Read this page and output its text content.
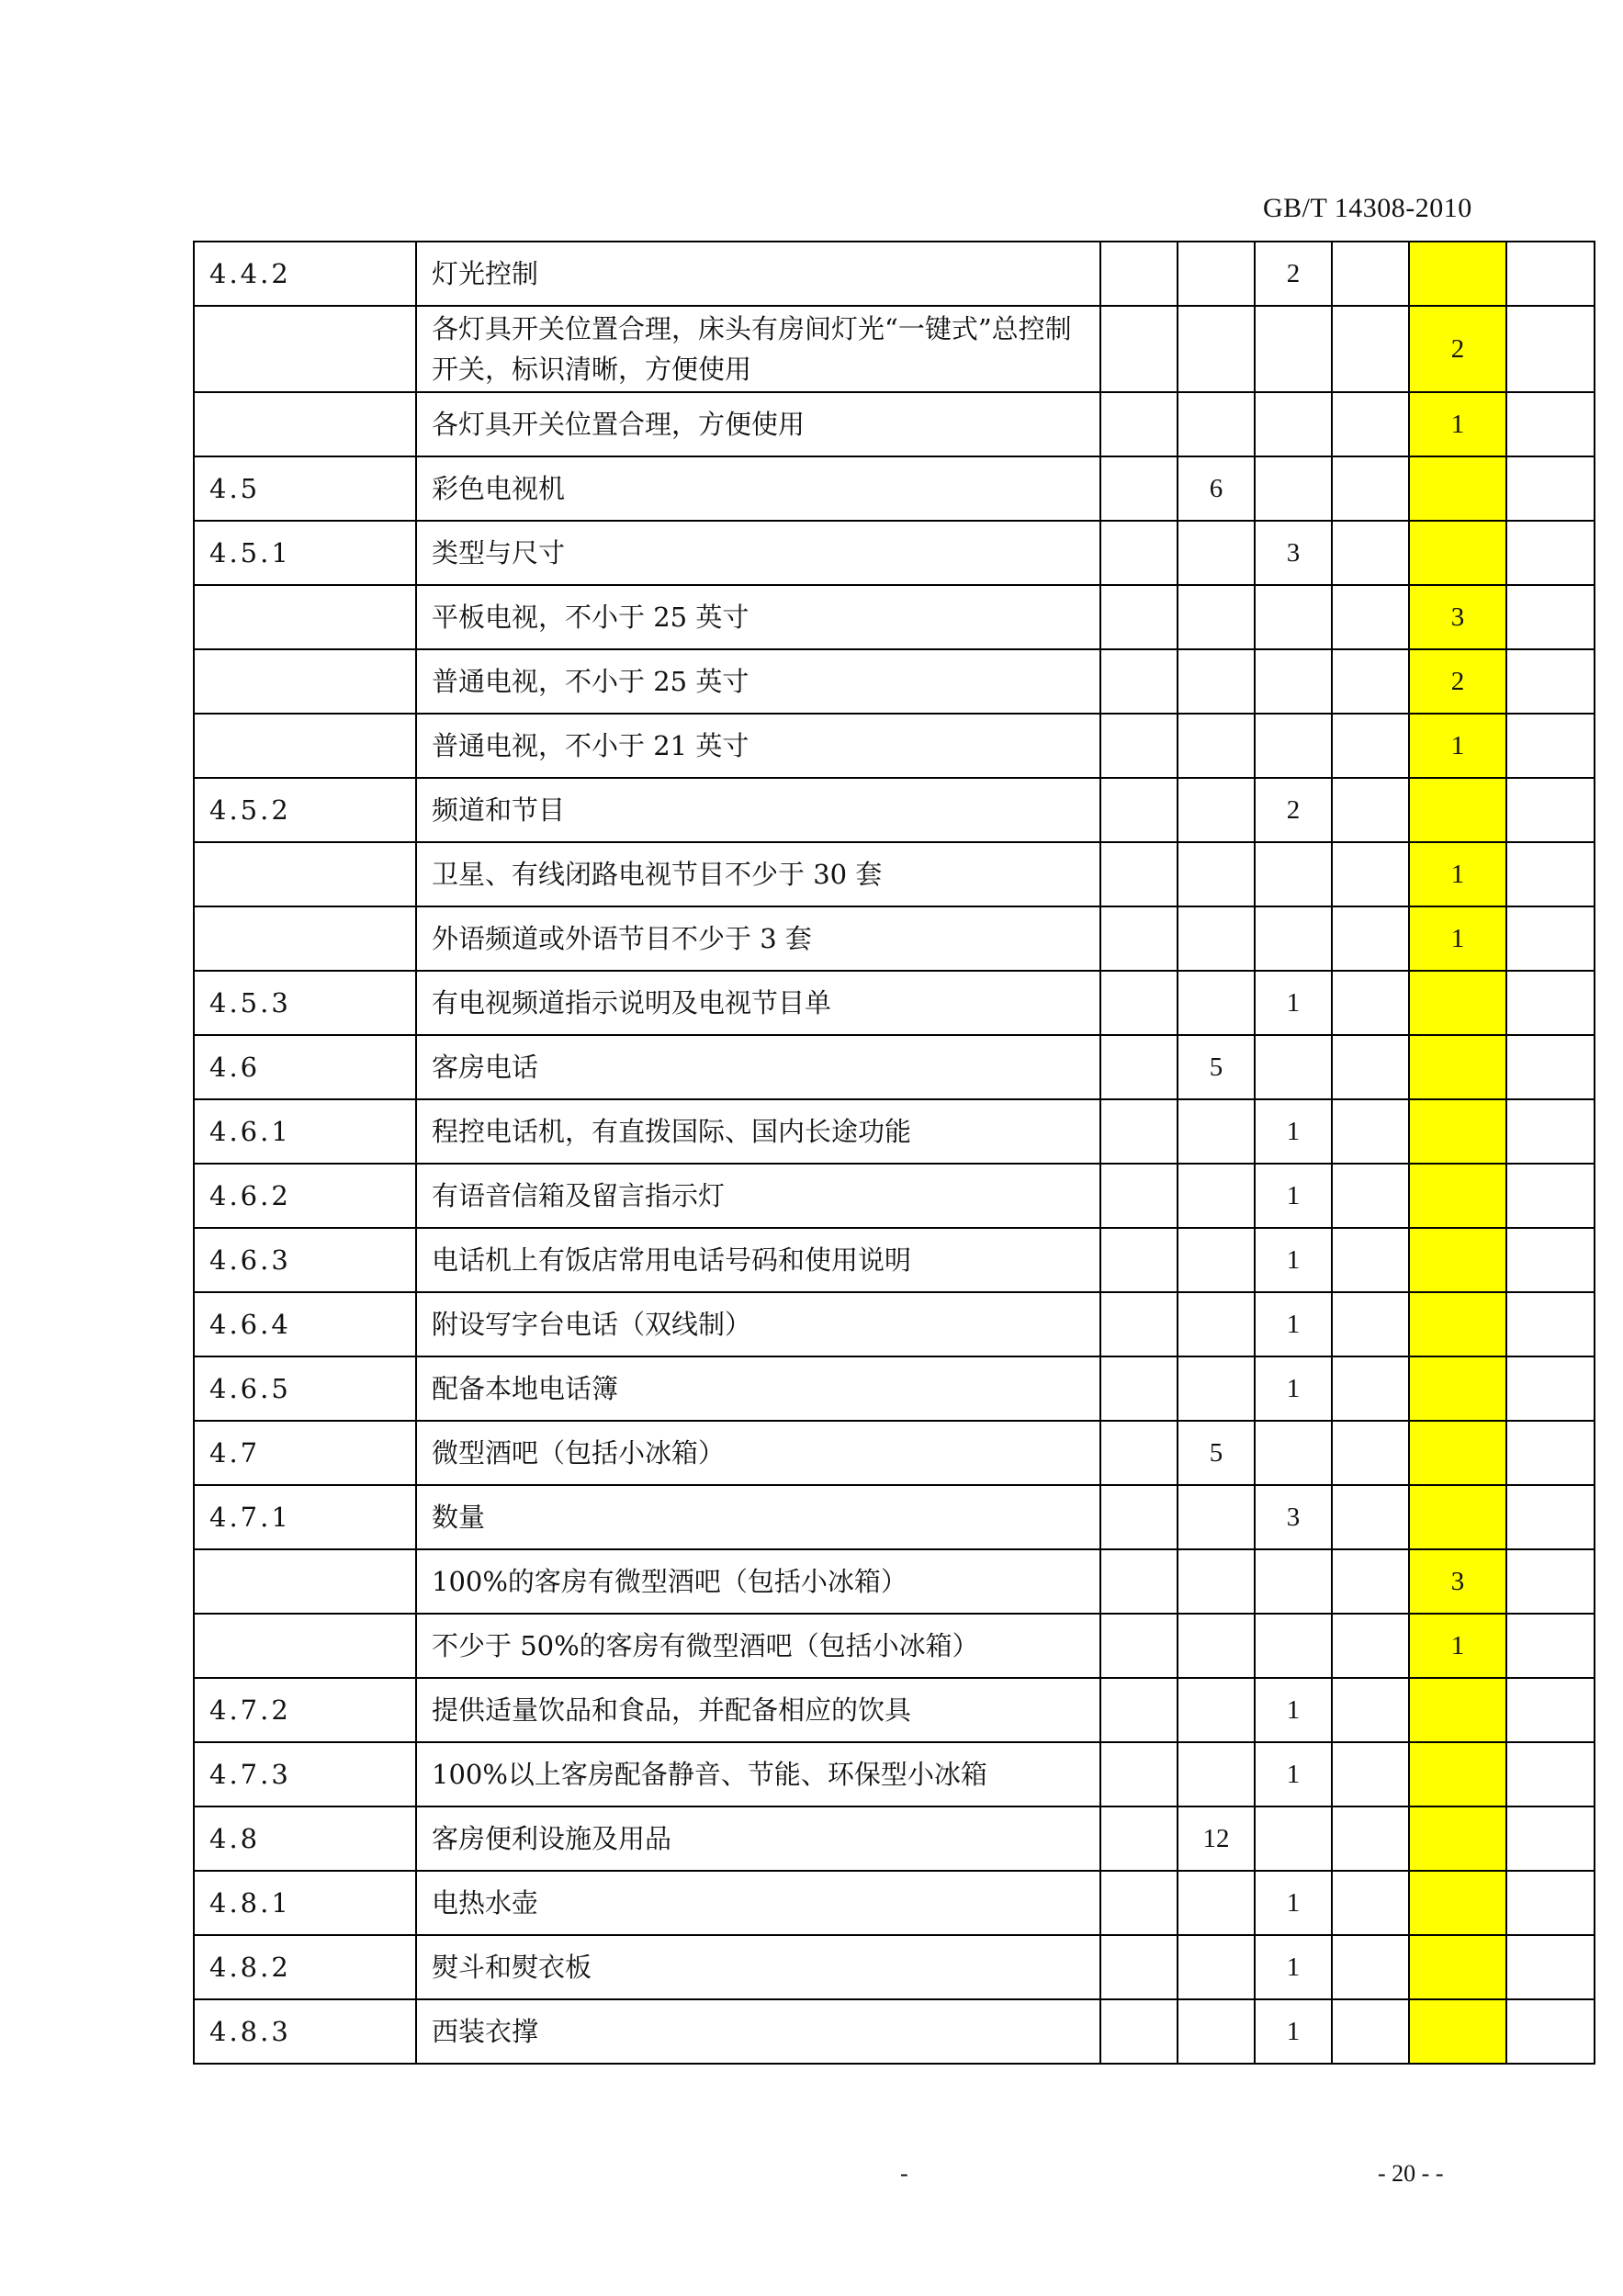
GB/T 14308-2010
4.4.2	灯光控制			2			
	各灯具开关位置合理，床头有房间灯光“一键式”总控制开关，标识清晰，方便使用					2	
	各灯具开关位置合理，方便使用					1	
4.5	彩色电视机		6				
4.5.1	类型与尺寸			3			
	平板电视，不小于 25 英寸					3	
	普通电视，不小于 25 英寸					2	
	普通电视，不小于 21 英寸					1	
4.5.2	频道和节目			2			
	卫星、有线闭路电视节目不少于 30 套					1	
	外语频道或外语节目不少于 3 套					1	
4.5.3	有电视频道指示说明及电视节目单			1			
4.6	客房电话		5				
4.6.1	程控电话机，有直拨国际、国内长途功能			1			
4.6.2	有语音信箱及留言指示灯			1			
4.6.3	电话机上有饭店常用电话号码和使用说明			1			
4.6.4	附设写字台电话（双线制）			1			
4.6.5	配备本地电话簿			1			
4.7	微型酒吧（包括小冰箱）		5				
4.7.1	数量			3			
	100%的客房有微型酒吧（包括小冰箱）					3	
	不少于 50%的客房有微型酒吧（包括小冰箱）					1	
4.7.2	提供适量饮品和食品，并配备相应的饮具			1			
4.7.3	100%以上客房配备静音、节能、环保型小冰箱			1			
4.8	客房便利设施及用品		12				
4.8.1	电热水壶			1			
4.8.2	熨斗和熨衣板			1			
4.8.3	西装衣撑			1			
-	- 20 - -
